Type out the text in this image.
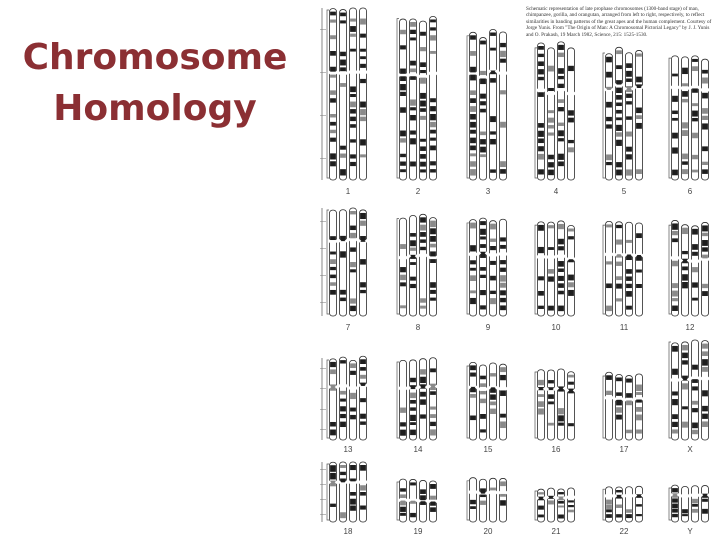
Chromosome
Homology

Schematic representation of late prophase chromosomes (1300-band stage) of man, chimpanzee, gorilla, and orangutan, arranged from left to right, respectively, to reflect similarities in banding patterns of the great apes and the human complement. Courtesy of Jorge Yunis. From "The Origin of Man: A Chromosomal Pictorial Legacy" by J. J. Yunis and O. Prakash, 19 March 1982, Science, 215: 1525-1530.

1	2	3	4	5	6
7	8	9	10	11	12
13	14	15	16	17	X
18	19	20	21	22	Y
